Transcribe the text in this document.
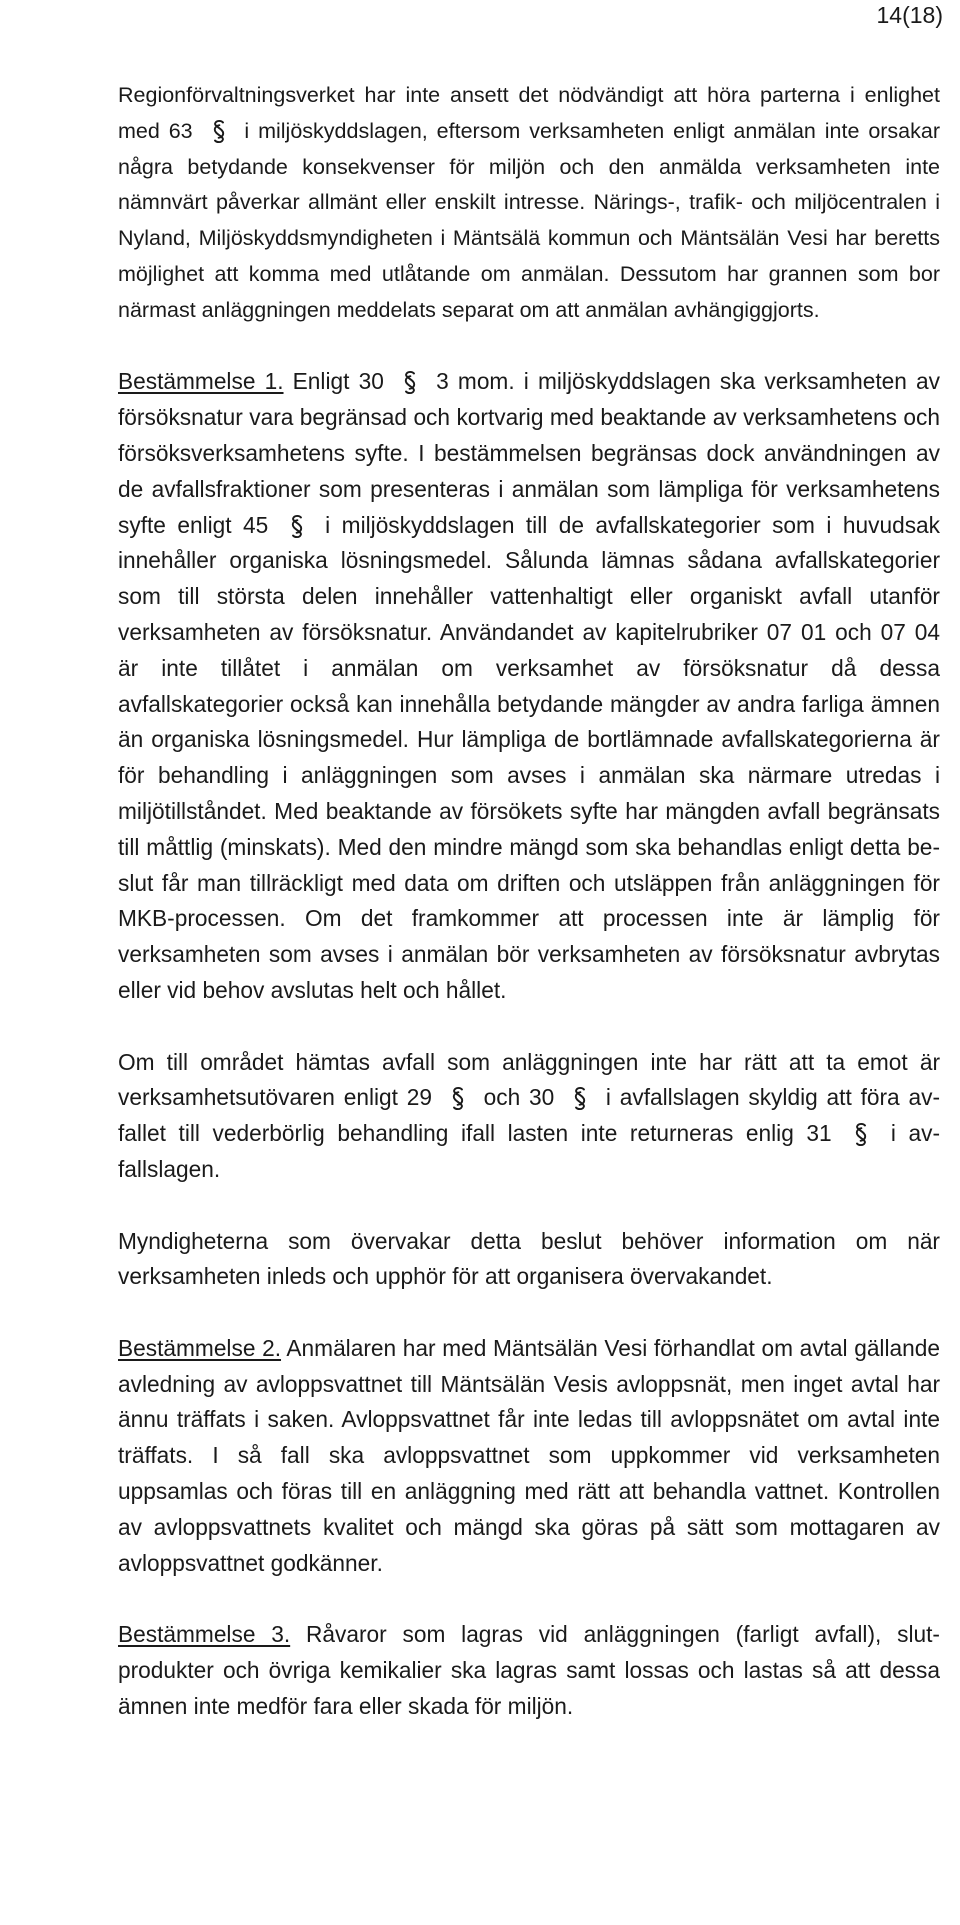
14(18)

Regionförvaltningsverket har inte ansett det nödvändigt att höra parterna i enlighet med 63
i miljöskyddslagen, eftersom verksamheten enligt anmälan inte orsakar några betydande konsekvenser för miljön och den anmälda verksamheten inte nämnvärt påverkar allmänt eller enskilt intresse. Närings-, trafik- och miljöcentralen i Nyland, Miljöskyddsmyndigheten i Mäntsälä kommun och Mäntsälän Vesi har beretts möjlighet att komma med utlåtande om anmälan. Dessutom har grannen som bor närmast anläggningen meddelats separat om att anmälan avhängiggjorts.

Bestämmelse 1. Enligt 30
3 mom. i miljöskyddslagen ska verksamheten av försöksnatur vara begränsad och kortvarig med beaktande av verksamhetens och försöksverksamhetens syfte. I bestämmelsen begränsas dock användningen av de avfallsfraktioner som presenteras i anmälan som lämpliga för verksamhetens syfte enligt 45
i miljöskyddslagen till de avfallskategorier som i huvudsak innehåller organiska lösningsmedel. Sålunda lämnas sådana avfallskategorier som till största delen innehåller vattenhaltigt eller organiskt avfall utanför verksamheten av försöksnatur. Användandet av kapitelrubriker 07 01 och 07 04 är inte tillåtet i anmälan om verksamhet av försöksnatur då dessa avfallskategorier också kan innehålla betydande mängder av andra farliga ämnen än organiska lösningsmedel. Hur lämpliga de bortlämnade avfallskategorierna är för behandling i anläggningen som avses i anmälan ska närmare utredas i miljötillståndet. Med beaktande av försökets syfte har mängden avfall begränsats till måttlig (minskats). Med den mindre mängd som ska behandlas enligt detta beslut får man tillräckligt med data om driften och utsläppen från anläggningen för MKB-processen. Om det framkommer att processen inte är lämplig för verksamheten som avses i anmälan bör verksamheten av försöksnatur avbrytas eller vid behov avslutas helt och hållet.

Om till området hämtas avfall som anläggningen inte har rätt att ta emot är verksamhetsutövaren enligt 29
och 30
i avfallslagen skyldig att föra avfallet till vederbörlig behandling ifall lasten inte returneras enlig 31
i avfallslagen.

Myndigheterna som övervakar detta beslut behöver information om när verksamheten inleds och upphör för att organisera övervakandet.

Bestämmelse 2. Anmälaren har med Mäntsälän Vesi förhandlat om avtal gällande avledning av avloppsvattnet till Mäntsälän Vesis avloppsnät, men inget avtal har ännu träffats i saken. Avloppsvattnet får inte ledas till avloppsnätet om avtal inte träffats. I så fall ska avloppsvattnet som uppkommer vid verksamheten uppsamlas och föras till en anläggning med rätt att behandla vattnet. Kontrollen av avloppsvattnets kvalitet och mängd ska göras på sätt som mottagaren av avloppsvattnet godkänner.

Bestämmelse 3. Råvaror som lagras vid anläggningen (farligt avfall), slutprodukter och övriga kemikalier ska lagras samt lossas och lastas så att dessa ämnen inte medför fara eller skada för miljön.
